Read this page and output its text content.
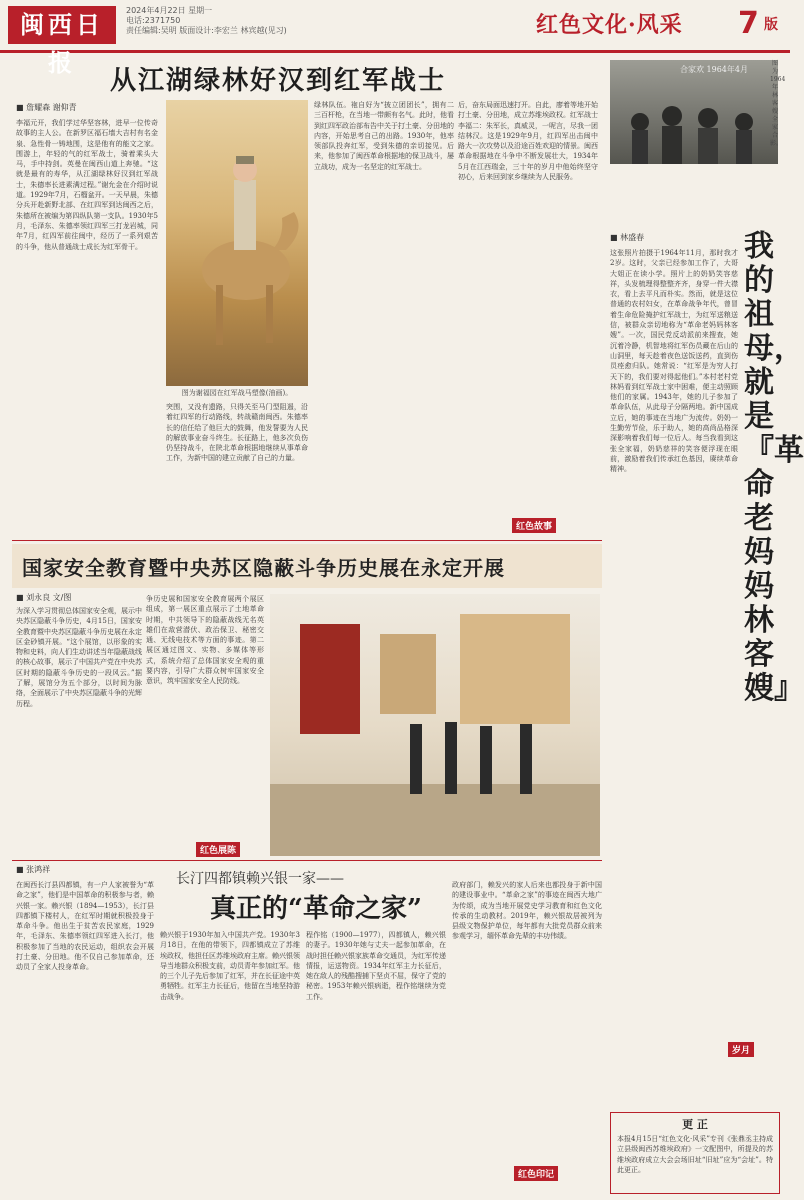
闽西日报
2024年4月22日 星期一
电话:2371750
责任编辑:吴明 版面设计:李宏兰 林宾越(见习)	红色文化·风采 7 版
从江湖绿林好汉到红军战士
■ 詹耀森 谢仰青
李福元开，我们学过华坚容林，进早一位传奇故事的主人公。在新罗区福石墙大吉村有名金泉、急性骨一铸地围，这是他有的能文之家。围游上，年轻的气的红军战士，骑着乘头大马，手中持剑。英曼在闽西山道上奔驰。“这就是最有的寿华，从江湖绿林好汉到红军战士，朱德率长进素满过程。”谢允金在介绍时说道。1929年7月，石榴盆开。一天早晨，朱德分兵开赴新野北部、在红四军到达闽西之后，朱德所在被编为第四纵队第一支队。1930年5月，毛泽东、朱德率领红四军三打龙岩城，同年7月，红四军前往闽中，经历了一系列艰苦的斗争，他从普通战士成长为红军骨干。
图为谢福园在红军战马塑像(油画)。
突围，又没有遗路，只得关至马门型阻遏，沿着红四军的行动路线，转战赣南闽西。朱德率长的信任给了他巨大的鼓舞，他发誓要为人民的解放事业奋斗终生。长征路上，他多次负伤仍坚持战斗，在陕北革命根据地继续从事革命工作，为新中国的建立贡献了自己的力量。
绿林队伍。袍自好为“披立团团长”，拥有二三百杆枪，在当地一带颇有名气。此时，他看到红四军政治部布告中关于打土豪、分田地的内容，开始思考自己的出路。1930年，他率领部队投奔红军，受到朱德的亲切接见。后来，他参加了闽西革命根据地的保卫战斗，屡立战功，成为一名坚定的红军战士。
后，奋东局面迅速打开。自此，廖着等地开始打土豪、分田地，成立苏维埃政权。红军战士李福二：朱军长，真威灵，一呢言，尽我一团结林汉。这是1929年9月，红四军出击闽中路大一次攻势以及沿途百姓欢迎的情景。闽西革命根据地在斗争中不断发展壮大，1934年5月在江西瑞金，三十年的岁月中他始终坚守初心，后来回到家乡继续为人民服务。
红色故事
合家欢 1964年4月
图为1964年林客嫂全家合影。
■ 林盛春	我的祖母，就是『革命老妈妈林客嫂』
这张照片拍摄于1964年11月，那时我才2岁。这时，父亲已经参加工作了，大哥大姐正在读小学。照片上的奶奶笑容慈祥，头发梳理得整整齐齐，身穿一件大襟衣，看上去平凡而朴实。然而，就是这位普通的农村妇女，在革命战争年代，曾冒着生命危险掩护红军战士，为红军送粮送信，被群众亲切地称为“革命老妈妈林客嫂”。一次，国民党反动派前来搜查，她沉着冷静，机智地将红军伤员藏在后山的山洞里，每天趁着夜色送饭送药，直到伤员痊愈归队。她常说：“红军是为穷人打天下的，我们要对得起他们。”本村老村党林妈看到红军战士家中困难，便主动照顾他们的家属。1943年，她的儿子参加了革命队伍，从此母子分隔两地。新中国成立后，她的事迹在当地广为流传。奶奶一生勤劳节俭，乐于助人，她的高尚品格深深影响着我们每一位后人。每当我看到这张全家福，奶奶慈祥的笑容便浮现在眼前，激励着我们传承红色基因，赓续革命精神。
岁月
国家安全教育暨中央苏区隐蔽斗争历史展在永定开展
■ 刘永良 文/图
为深入学习贯彻总体国家安全观，展示中央苏区隐蔽斗争历史，4月15日，国家安全教育暨中央苏区隐蔽斗争历史展在永定区金砂镇开展。“这个展馆，以形象的实物和史料，向人们生动讲述当年隐蔽战线的核心故事，展示了中国共产党在中央苏区时期的隐蔽斗争历史的一段风云。”据了解，展馆分为五个部分，以时间为脉络，全面展示了中央苏区隐蔽斗争的光辉历程。
争历史展和国家安全教育展两个展区组成，第一展区重点展示了土地革命时期，中共领导下的隐蔽战线无名英雄们在敌营潜伏、政治保卫、秘密交通、无线电技术等方面的事迹。第二展区通过图文、实物、多媒体等形式，系统介绍了总体国家安全观的重要内容，引导广大群众树牢国家安全意识，筑牢国家安全人民防线。
红色展陈
■ 张鸿祥
长汀四都镇赖兴银一家——
真正的“革命之家”
在闽西长汀县四都镇，有一户人家被誉为“革命之家”，他们是中国革命的积极参与者，赖兴银一家。赖兴银（1894—1953），长汀县四都镇下楼村人，在红军时期就积极投身于革命斗争。他出生于贫苦农民家庭，1929年，毛泽东、朱德率领红四军进入长汀，他积极参加了当地的农民运动，组织农会开展打土豪、分田地。他不仅自己参加革命，还动员了全家人投身革命。
赖兴银于1930年加入中国共产党。1930年3月18日，在他的带领下，四都镇成立了苏维埃政权，他担任区苏维埃政府主席。赖兴银领导当地群众积极支前，动员青年参加红军。他的三个儿子先后参加了红军，并在长征途中英勇牺牲。红军主力长征后，他留在当地坚持游击战争。
程作铭（1900—1977），四都镇人，赖兴银的妻子。1930年她与丈夫一起参加革命，在战时担任赖兴银家族革命交通员，为红军传递情报，运送物资。1934年红军主力长征后，她在敌人的残酷搜捕下坚贞不屈，保守了党的秘密。1953年赖兴银病逝，程作铭继续为党工作。
政府部门，赖发兴的家人后来也都投身于新中国的建设事业中。“革命之家”的事迹在闽西大地广为传颂，成为当地开展党史学习教育和红色文化传承的生动教材。2019年，赖兴银故居被列为县级文物保护单位，每年都有大批党员群众前来参观学习，缅怀革命先辈的丰功伟绩。
红色印记
更 正
本报4月15日“红色文化·风采”专刊《张鼎丞主持成立县级闽西苏维埃政府》一文配图中，所提及的苏维埃政府成立大会会场旧址“旧址”应为“会址”。特此更正。
